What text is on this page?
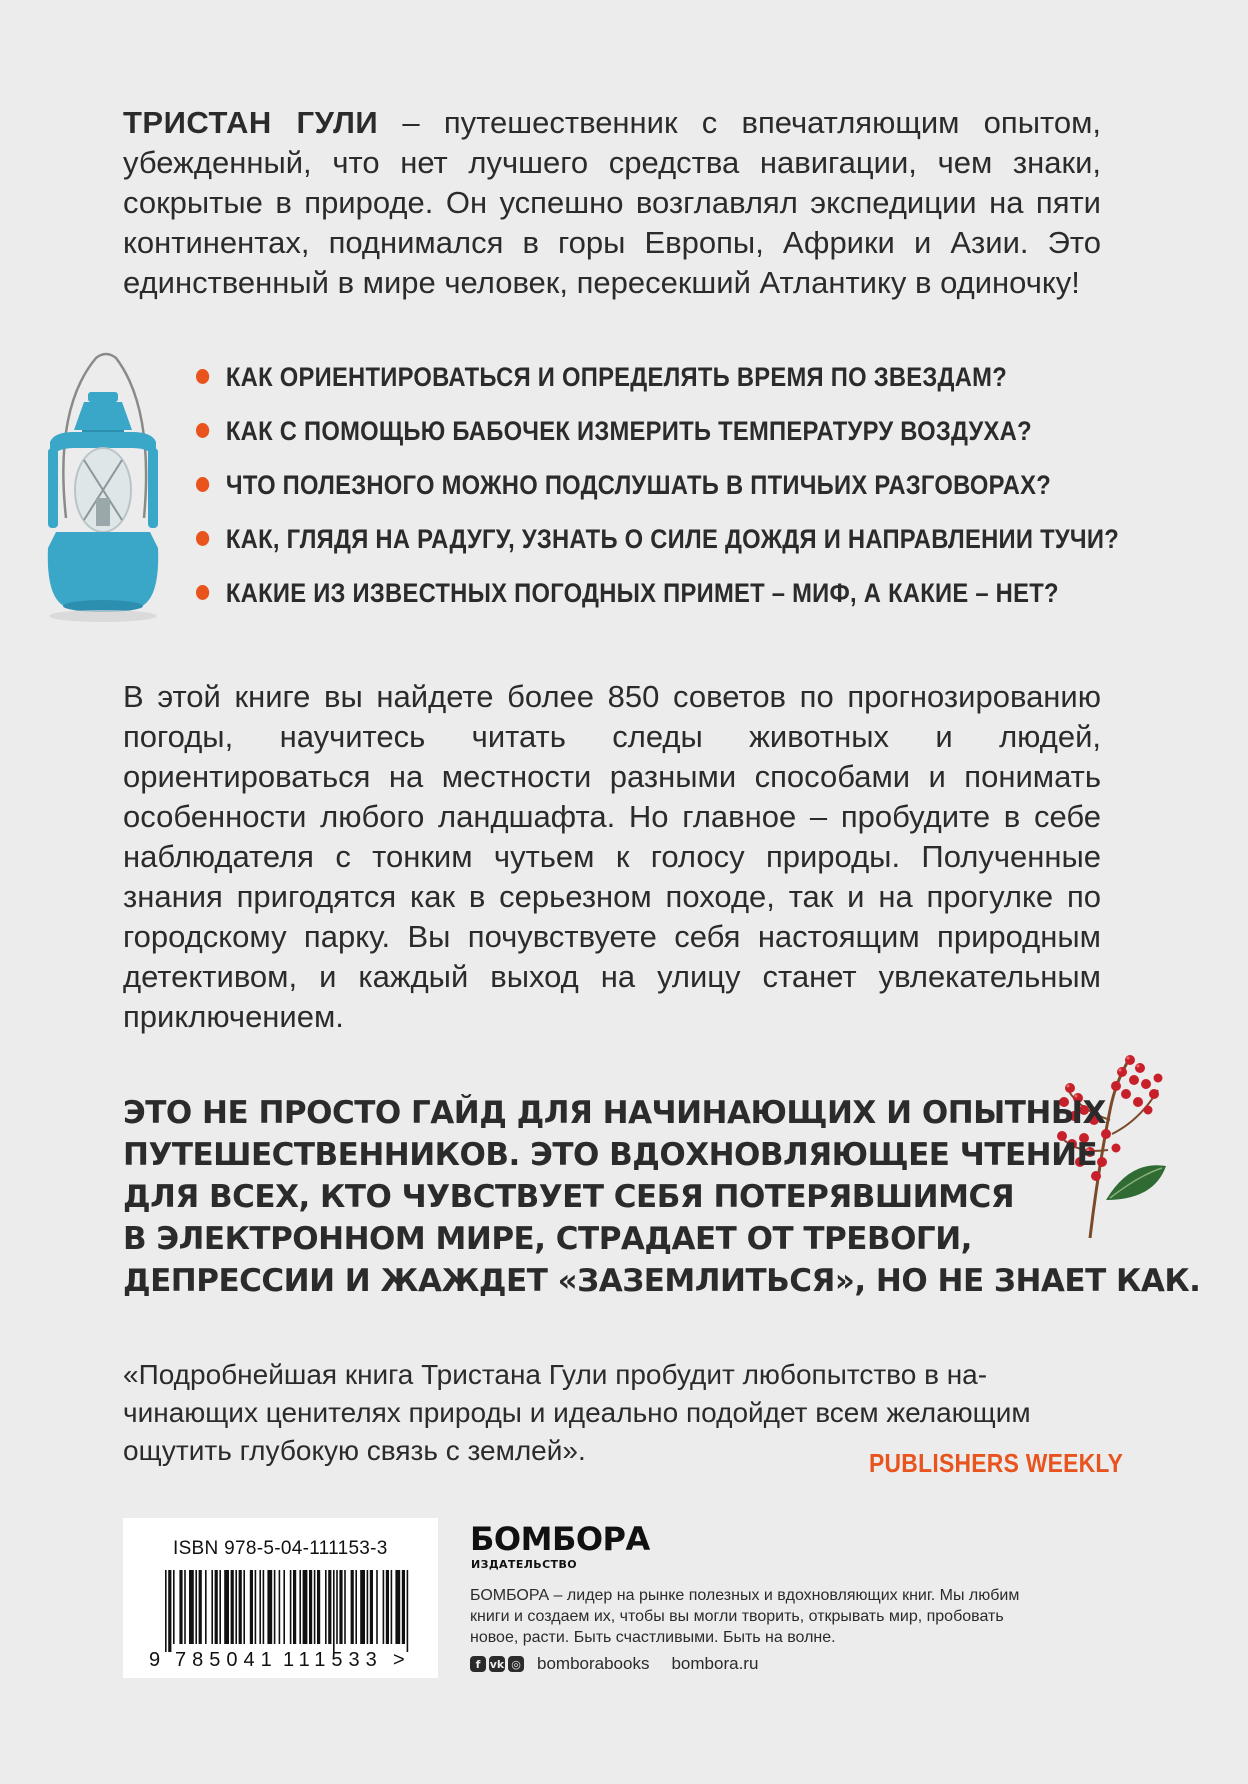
ТРИСТАН ГУЛИ – путешественник с впечатляющим опытом, убежденный, что нет лучшего средства навигации, чем знаки, сокрытые в природе. Он успешно возглавлял экспедиции на пяти континентах, поднимался в горы Европы, Африки и Азии. Это единственный в мире человек, пересекший Атлантику в одиночку!
КАК ОРИЕНТИРОВАТЬСЯ И ОПРЕДЕЛЯТЬ ВРЕМЯ ПО ЗВЕЗДАМ?
КАК С ПОМОЩЬЮ БАБОЧЕК ИЗМЕРИТЬ ТЕМПЕРАТУРУ ВОЗДУХА?
ЧТО ПОЛЕЗНОГО МОЖНО ПОДСЛУШАТЬ В ПТИЧЬИХ РАЗГОВОРАХ?
КАК, ГЛЯДЯ НА РАДУГУ, УЗНАТЬ О СИЛЕ ДОЖДЯ И НАПРАВЛЕНИИ ТУЧИ?
КАКИЕ ИЗ ИЗВЕСТНЫХ ПОГОДНЫХ ПРИМЕТ – МИФ, А КАКИЕ – НЕТ?
В этой книге вы найдете более 850 советов по прогнозированию погоды, научитесь читать следы животных и людей, ориентироваться на местности разными способами и понимать особенности любого ландшафта. Но главное – пробудите в себе наблюдателя с тонким чутьем к голосу природы. Полученные знания пригодятся как в серьезном походе, так и на прогулке по городскому парку. Вы почувствуете себя настоящим природным детективом, и каждый выход на улицу станет увлекательным приключением.
ЭТО НЕ ПРОСТО ГАЙД ДЛЯ НАЧИНАЮЩИХ И ОПЫТНЫХ
ПУТЕШЕСТВЕННИКОВ. ЭТО ВДОХНОВЛЯЮЩЕЕ ЧТЕНИЕ
ДЛЯ ВСЕХ, КТО ЧУВСТВУЕТ СЕБЯ ПОТЕРЯВШИМСЯ
В ЭЛЕКТРОННОМ МИРЕ, СТРАДАЕТ ОТ ТРЕВОГИ,
ДЕПРЕССИИ И ЖАЖДЕТ «ЗАЗЕМЛИТЬСЯ», НО НЕ ЗНАЕТ КАК.
«Подробнейшая книга Тристана Гули пробудит любопытство в начинающих ценителях природы и идеально подойдет всем желающим ощутить глубокую связь с землей».	PUBLISHERS WEEKLY
ISBN 978-5-04-111153-3
9 785041 111533 >
БОМБОРА
ИЗДАТЕЛЬСТВО
БОМБОРА – лидер на рынке полезных и вдохновляющих книг. Мы любим книги и создаем их, чтобы вы могли творить, открывать мир, пробовать новое, расти. Быть счастливыми. Быть на волне.
f vk ◎ bomborabooks bombora.ru
